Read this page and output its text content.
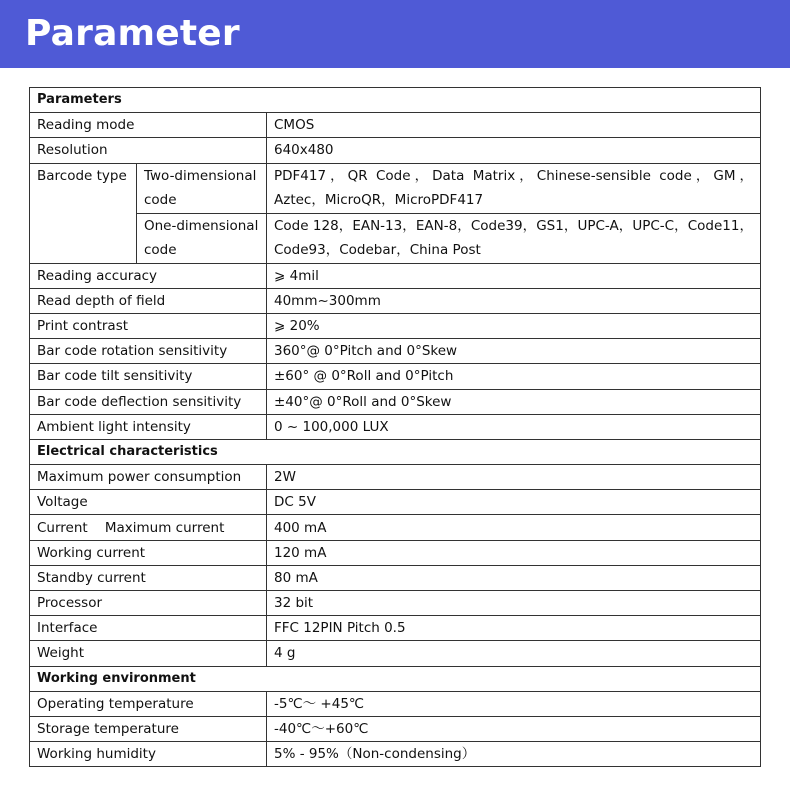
Parameter
Parameters		
Reading mode		CMOS
Resolution		640x480
Barcode type	Two-dimensional code	PDF417，QR Code，Data Matrix，Chinese-sensible code，GM，Aztec，MicroQR，MicroPDF417
	One-dimensional code	Code 128，EAN-13，EAN-8，Code39，GS1，UPC-A，UPC-C，Code11，Code93，Codebar，China Post
Reading accuracy		⩾ 4mil
Read depth of field		40mm~300mm
Print contrast		⩾ 20%
Bar code rotation sensitivity		360°@ 0°Pitch and 0°Skew
Bar code tilt sensitivity		±60° @ 0°Roll and 0°Pitch
Bar code deflection sensitivity		±40°@ 0°Roll and 0°Skew
Ambient light intensity		0 ~ 100,000 LUX
Electrical characteristics		
Maximum power consumption		2W
Voltage		DC 5V
Current    Maximum current		400 mA
Working current		120 mA
Standby current		80 mA
Processor		32 bit
Interface		FFC 12PIN Pitch 0.5
Weight		4 g
Working environment		
Operating temperature		-5℃～ +45℃
Storage temperature		-40℃～+60℃
Working humidity		5% - 95%（Non-condensing）
